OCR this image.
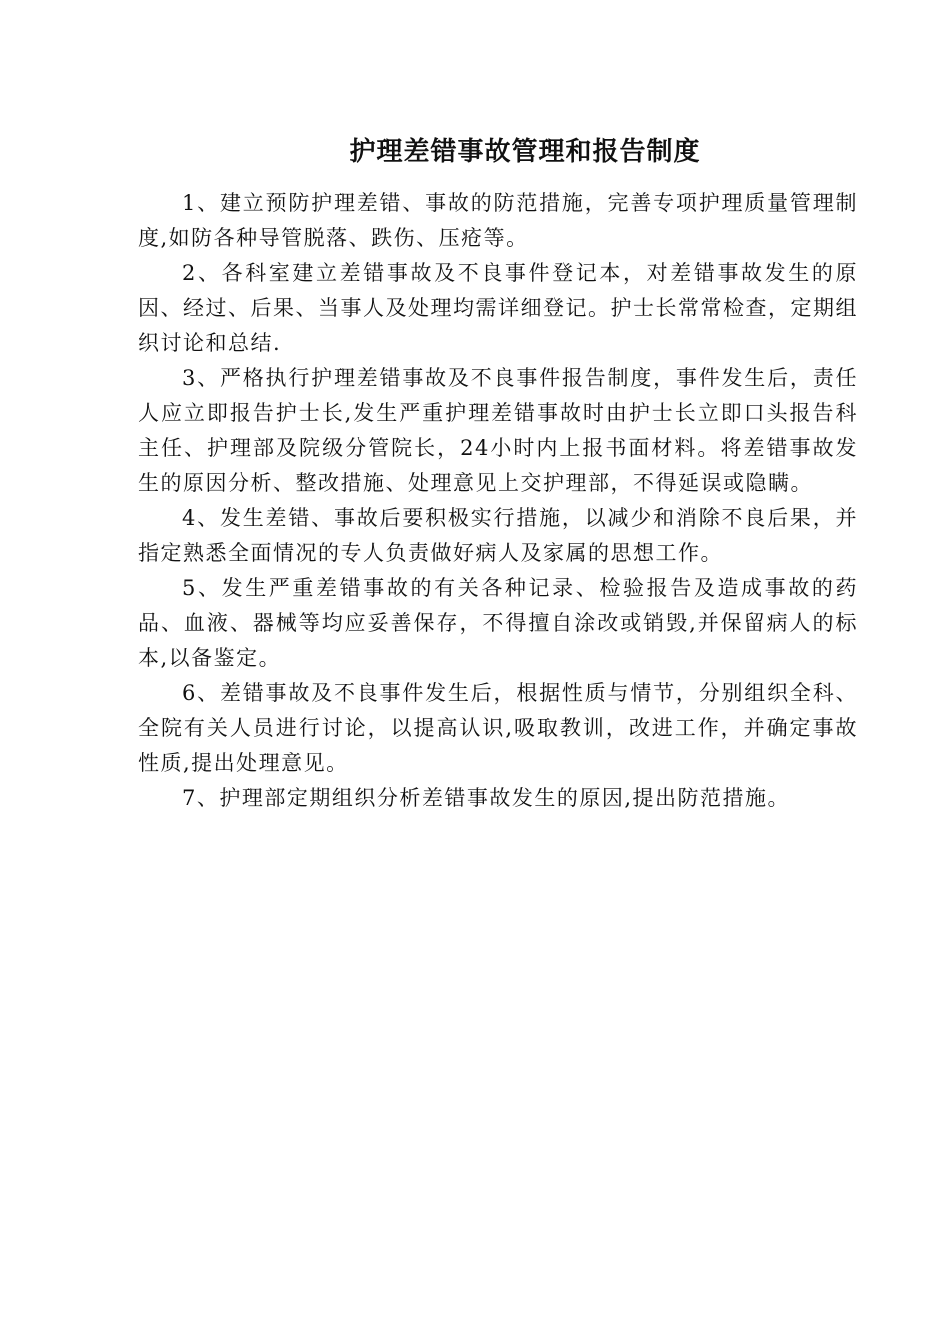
护理差错事故管理和报告制度

1、建立预防护理差错、事故的防范措施，完善专项护理质量管理制度,如防各种导管脱落、跌伤、压疮等。

2、各科室建立差错事故及不良事件登记本，对差错事故发生的原因、经过、后果、当事人及处理均需详细登记。护士长常常检查，定期组织讨论和总结.

3、严格执行护理差错事故及不良事件报告制度，事件发生后，责任人应立即报告护士长,发生严重护理差错事故时由护士长立即口头报告科主任、护理部及院级分管院长，24小时内上报书面材料。将差错事故发生的原因分析、整改措施、处理意见上交护理部，不得延误或隐瞒。

4、发生差错、事故后要积极实行措施，以减少和消除不良后果，并指定熟悉全面情况的专人负责做好病人及家属的思想工作。

5、发生严重差错事故的有关各种记录、检验报告及造成事故的药品、血液、器械等均应妥善保存，不得擅自涂改或销毁,并保留病人的标本,以备鉴定。

6、差错事故及不良事件发生后，根据性质与情节，分别组织全科、全院有关人员进行讨论，以提高认识,吸取教训，改进工作，并确定事故性质,提出处理意见。

7、护理部定期组织分析差错事故发生的原因,提出防范措施。
